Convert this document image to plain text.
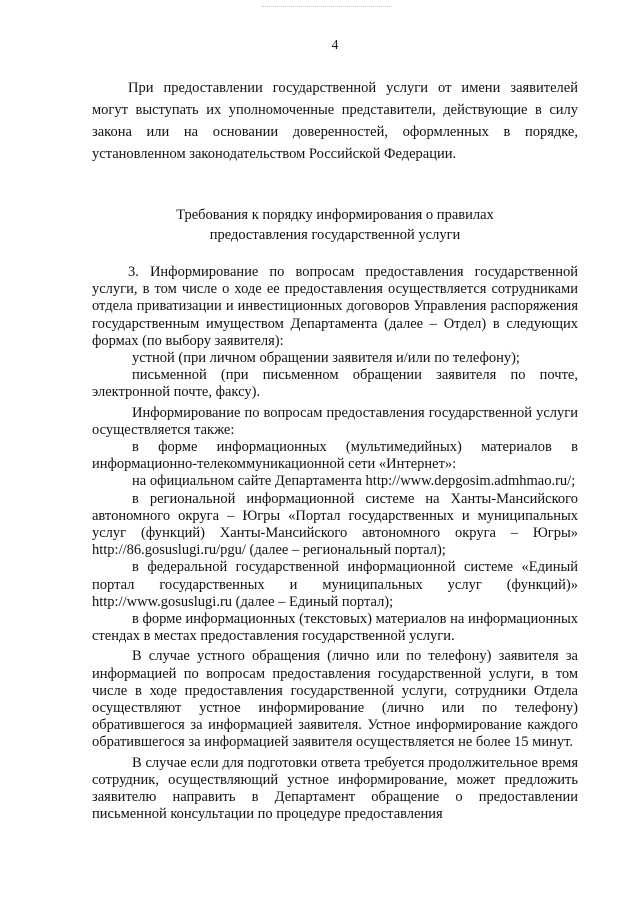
4

При предоставлении государственной услуги от имени заявителей могут выступать их уполномоченные представители, действующие в силу закона или на основании доверенностей, оформленных в порядке, установленном законодательством Российской Федерации.

Требования к порядку информирования о правилах
предоставления государственной услуги

3. Информирование по вопросам предоставления государственной услуги, в том числе о ходе ее предоставления осуществляется сотрудниками отдела приватизации и инвестиционных договоров Управления распоряжения государственным имуществом Департамента (далее – Отдел) в следующих формах (по выбору заявителя):

устной (при личном обращении заявителя и/или по телефону);

письменной (при письменном обращении заявителя по почте, электронной почте, факсу).

Информирование по вопросам предоставления государственной услуги осуществляется также:

в форме информационных (мультимедийных) материалов в информационно-телекоммуникационной сети «Интернет»:

на официальном сайте Департамента http://www.depgosim.admhmao.ru/;

в региональной информационной системе на Ханты-Мансийского автономного округа – Югры «Портал государственных и муниципальных услуг (функций) Ханты-Мансийского автономного округа – Югры» http://86.gosuslugi.ru/pgu/ (далее – региональный портал);

в федеральной государственной информационной системе «Единый портал государственных и муниципальных услуг (функций)» http://www.gosuslugi.ru (далее – Единый портал);

в форме информационных (текстовых) материалов на информационных стендах в местах предоставления государственной услуги.

В случае устного обращения (лично или по телефону) заявителя за информацией по вопросам предоставления государственной услуги, в том числе в ходе предоставления государственной услуги, сотрудники Отдела осуществляют устное информирование (лично или по телефону) обратившегося за информацией заявителя. Устное информирование каждого обратившегося за информацией заявителя осуществляется не более 15 минут.

В случае если для подготовки ответа требуется продолжительное время сотрудник, осуществляющий устное информирование, может предложить заявителю направить в Департамент обращение о предоставлении письменной консультации по процедуре предоставления
